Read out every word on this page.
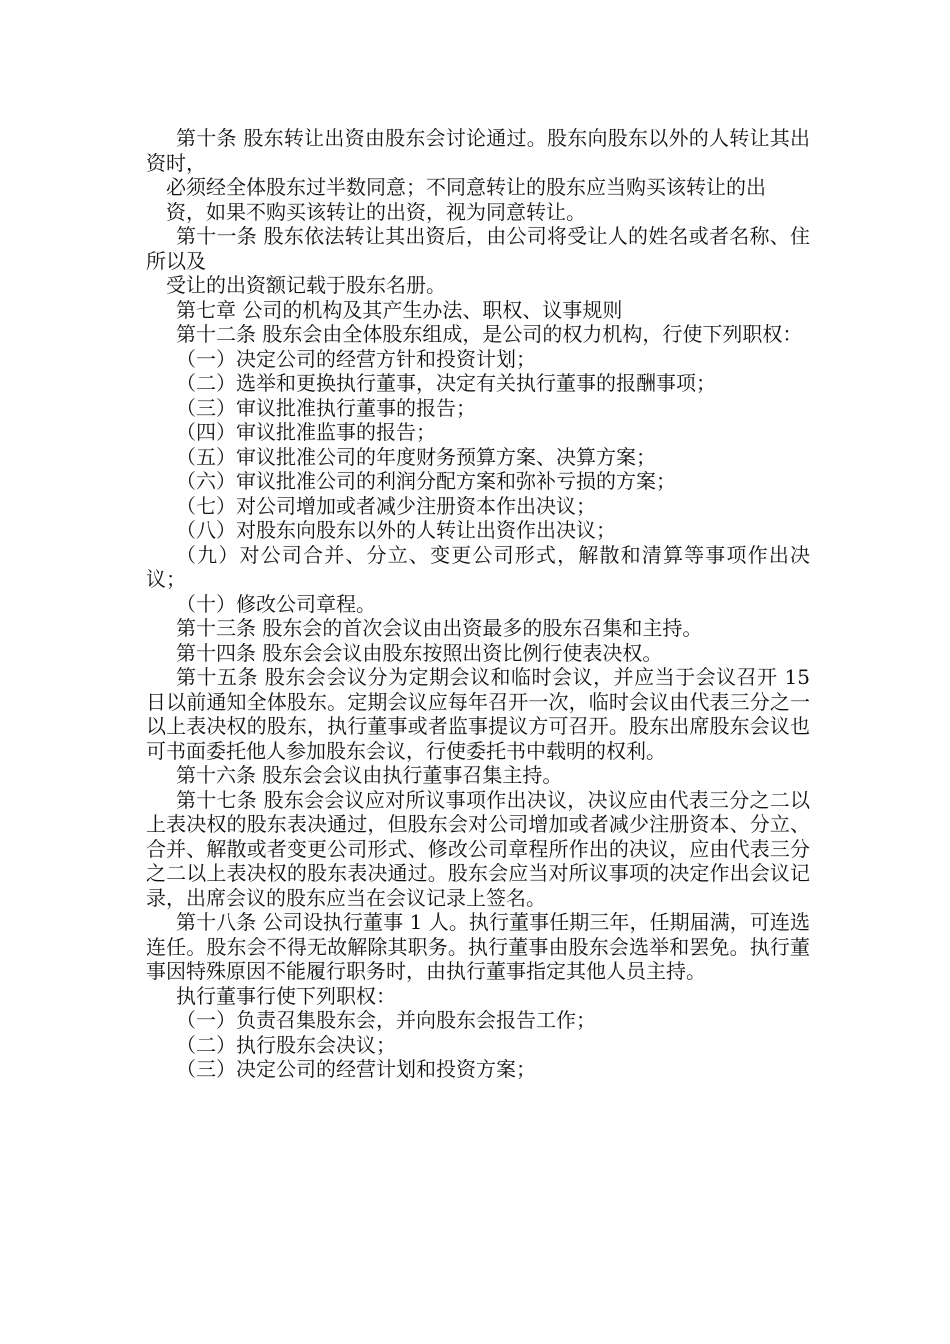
第十条 股东转让出资由股东会讨论通过。股东向股东以外的人转让其出资时，

必须经全体股东过半数同意；不同意转让的股东应当购买该转让的出

资，如果不购买该转让的出资，视为同意转让。

第十一条 股东依法转让其出资后，由公司将受让人的姓名或者名称、住所以及

受让的出资额记载于股东名册。

第七章 公司的机构及其产生办法、职权、议事规则

第十二条 股东会由全体股东组成，是公司的权力机构，行使下列职权：

（一）决定公司的经营方针和投资计划；

（二）选举和更换执行董事，决定有关执行董事的报酬事项；

（三）审议批准执行董事的报告；

（四）审议批准监事的报告；

（五）审议批准公司的年度财务预算方案、决算方案；

（六）审议批准公司的利润分配方案和弥补亏损的方案；

（七）对公司增加或者减少注册资本作出决议；

（八）对股东向股东以外的人转让出资作出决议；

（九）对公司合并、分立、变更公司形式，解散和清算等事项作出决议；

（十）修改公司章程。

第十三条 股东会的首次会议由出资最多的股东召集和主持。

第十四条 股东会会议由股东按照出资比例行使表决权。

第十五条 股东会会议分为定期会议和临时会议，并应当于会议召开 15 日以前通知全体股东。定期会议应每年召开一次，临时会议由代表三分之一以上表决权的股东，执行董事或者监事提议方可召开。股东出席股东会议也可书面委托他人参加股东会议，行使委托书中载明的权利。

第十六条 股东会会议由执行董事召集主持。

第十七条 股东会会议应对所议事项作出决议，决议应由代表三分之二以上表决权的股东表决通过，但股东会对公司增加或者减少注册资本、分立、合并、解散或者变更公司形式、修改公司章程所作出的决议，应由代表三分之二以上表决权的股东表决通过。股东会应当对所议事项的决定作出会议记录，出席会议的股东应当在会议记录上签名。

第十八条 公司设执行董事 1 人。执行董事任期三年，任期届满，可连选连任。股东会不得无故解除其职务。执行董事由股东会选举和罢免。执行董事因特殊原因不能履行职务时，由执行董事指定其他人员主持。

执行董事行使下列职权：

（一）负责召集股东会，并向股东会报告工作；

（二）执行股东会决议；

（三）决定公司的经营计划和投资方案；
